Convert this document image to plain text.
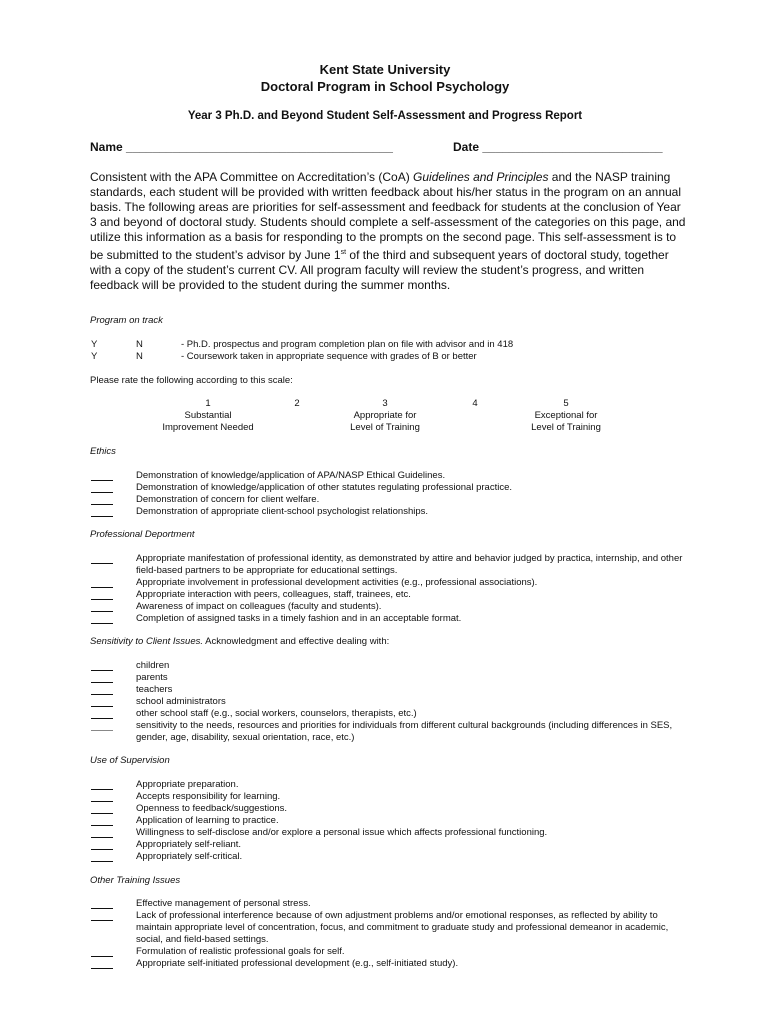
Kent State University
Doctoral Program in School Psychology
Year 3 Ph.D. and Beyond Student Self-Assessment and Progress Report
Name ________________________________________	Date ___________________________
Consistent with the APA Committee on Accreditation’s (CoA) Guidelines and Principles and the NASP training standards, each student will be provided with written feedback about his/her status in the program on an annual basis. The following areas are priorities for self-assessment and feedback for students at the conclusion of Year 3 and beyond of doctoral study. Students should complete a self-assessment of the categories on this page, and utilize this information as a basis for responding to the prompts on the second page. This self-assessment is to be submitted to the student’s advisor by June 1st of the third and subsequent years of doctoral study, together with a copy of the student’s current CV. All program faculty will review the student’s progress, and written feedback will be provided to the student during the summer months.
Program on track
Y	N	- Ph.D. prospectus and program completion plan on file with advisor and in 418
Y	N	- Coursework taken in appropriate sequence with grades of B or better
Please rate the following according to this scale:
1
Substantial
Improvement Needed
2	3
Appropriate for
Level of Training
4	5
Exceptional for
Level of Training
Ethics
Demonstration of knowledge/application of APA/NASP Ethical Guidelines.
Demonstration of knowledge/application of other statutes regulating professional practice.
Demonstration of concern for client welfare.
Demonstration of appropriate client-school psychologist relationships.
Professional Deportment
Appropriate manifestation of professional identity, as demonstrated by attire and behavior judged by practica, internship, and other field-based partners to be appropriate for educational settings.
Appropriate involvement in professional development activities (e.g., professional associations).
Appropriate interaction with peers, colleagues, staff, trainees, etc.
Awareness of impact on colleagues (faculty and students).
Completion of assigned tasks in a timely fashion and in an acceptable format.
Sensitivity to Client Issues. Acknowledgment and effective dealing with:
children
parents
teachers
school administrators
other school staff (e.g., social workers, counselors, therapists, etc.)
sensitivity to the needs, resources and priorities for individuals from different cultural backgrounds (including differences in SES, gender, age, disability, sexual orientation, race, etc.)
Use of Supervision
Appropriate preparation.
Accepts responsibility for learning.
Openness to feedback/suggestions.
Application of learning to practice.
Willingness to self-disclose and/or explore a personal issue which affects professional functioning.
Appropriately self-reliant.
Appropriately self-critical.
Other Training Issues
Effective management of personal stress.
Lack of professional interference because of own adjustment problems and/or emotional responses, as reflected by ability to maintain appropriate level of concentration, focus, and commitment to graduate study and professional demeanor in academic, social, and field-based settings.
Formulation of realistic professional goals for self.
Appropriate self-initiated professional development (e.g., self-initiated study).
